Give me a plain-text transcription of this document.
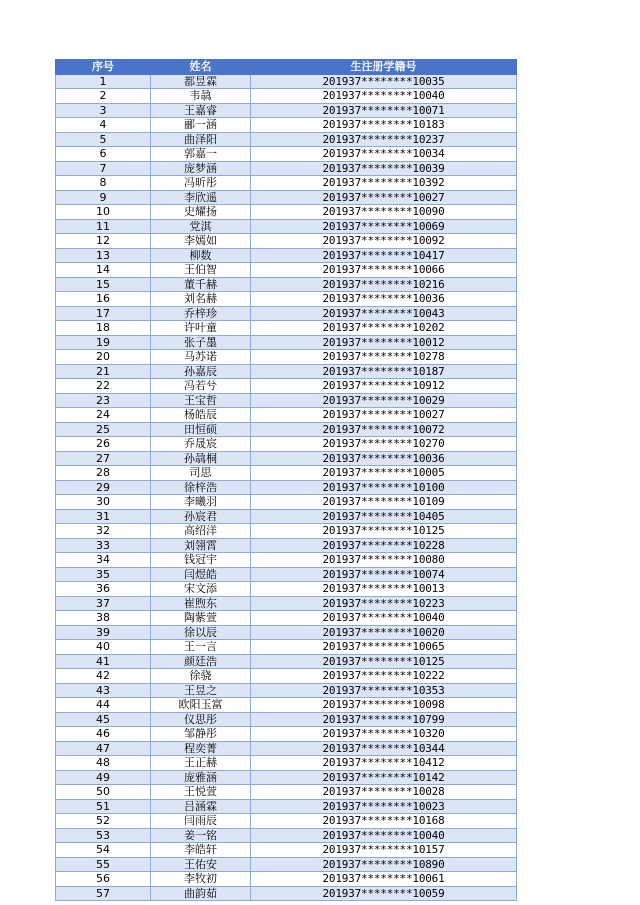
序号	姓名	生注册学籍号
1	都昱霖	201937********10035
2	韦骉	201937********10040
3	王嘉睿	201937********10071
4	郦一涵	201937********10183
5	曲泽阳	201937********10237
6	郭嘉一	201937********10034
7	庞梦涵	201937********10039
8	冯昕彤	201937********10392
9	李欣遥	201937********10027
10	史耀扬	201937********10090
11	党淇	201937********10069
12	李嫣如	201937********10092
13	柳数	201937********10417
14	王伯智	201937********10066
15	董千赫	201937********10216
16	刘名赫	201937********10036
17	乔梓珍	201937********10043
18	许叶童	201937********10202
19	张子墨	201937********10012
20	马苏诺	201937********10278
21	孙嘉辰	201937********10187
22	冯若兮	201937********10912
23	王宝哲	201937********10029
24	杨皓辰	201937********10027
25	田恒硕	201937********10072
26	乔晟宸	201937********10270
27	孙骉桐	201937********10036
28	司思	201937********10005
29	徐梓浩	201937********10100
30	李曦羽	201937********10109
31	孙宸君	201937********10405
32	高绍洋	201937********10125
33	刘翎霄	201937********10228
34	钱冠宇	201937********10080
35	闫煜皓	201937********10074
36	宋文添	201937********10013
37	崔煦东	201937********10223
38	陶紫萱	201937********10040
39	徐以辰	201937********10020
40	王一言	201937********10065
41	颜廷浩	201937********10125
42	徐骁	201937********10222
43	王昱之	201937********10353
44	欧阳玉富	201937********10098
45	仪思彤	201937********10799
46	邹静彤	201937********10320
47	程奕菁	201937********10344
48	王正赫	201937********10412
49	庞雅涵	201937********10142
50	王悦萱	201937********10028
51	吕涵霖	201937********10023
52	闫雨辰	201937********10168
53	姜一铭	201937********10040
54	李皓轩	201937********10157
55	王佑安	201937********10890
56	李牧初	201937********10061
57	曲韵茹	201937********10059
